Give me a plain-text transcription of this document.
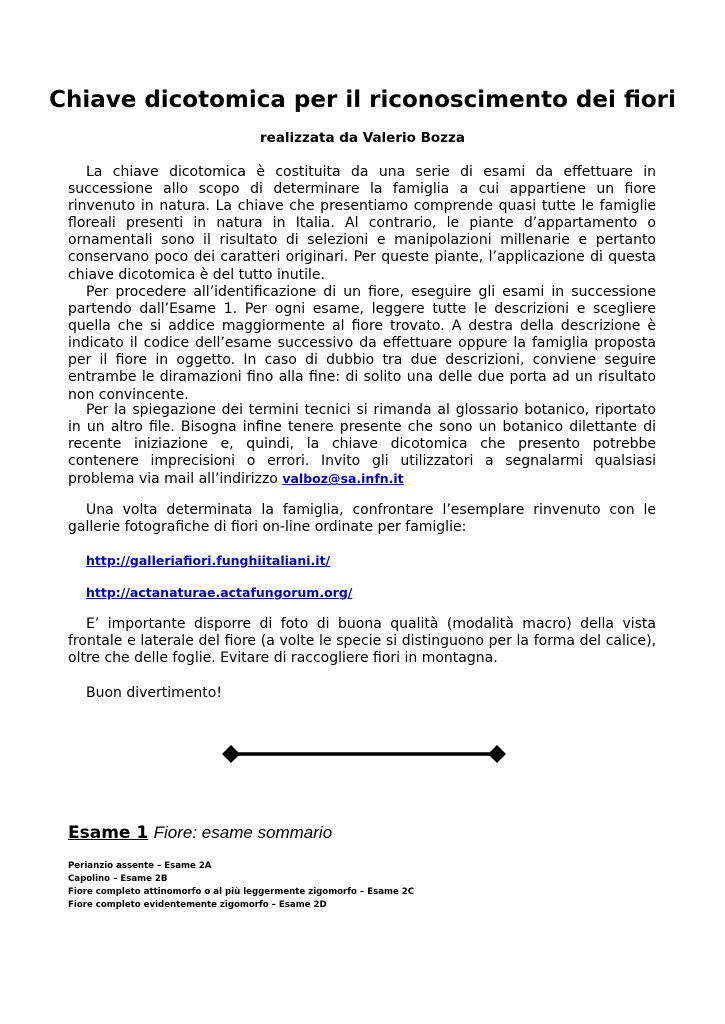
Chiave dicotomica per il riconoscimento dei fiori
realizzata da Valerio Bozza

La chiave dicotomica è costituita da una serie di esami da effettuare in successione allo scopo di determinare la famiglia a cui appartiene un fiore rinvenuto in natura. La chiave che presentiamo comprende quasi tutte le famiglie floreali presenti in natura in Italia. Al contrario, le piante d’appartamento o ornamentali sono il risultato di selezioni e manipolazioni millenarie e pertanto conservano poco dei caratteri originari. Per queste piante, l’applicazione di questa chiave dicotomica è del tutto inutile.

Per procedere all’identificazione di un fiore, eseguire gli esami in successione partendo dall’Esame 1. Per ogni esame, leggere tutte le descrizioni e scegliere quella che si addice maggiormente al fiore trovato. A destra della descrizione è indicato il codice dell’esame successivo da effettuare oppure la famiglia proposta per il fiore in oggetto. In caso di dubbio tra due descrizioni, conviene seguire entrambe le diramazioni fino alla fine: di solito una delle due porta ad un risultato non convincente.

Per la spiegazione dei termini tecnici si rimanda al glossario botanico, riportato in un altro file. Bisogna infine tenere presente che sono un botanico dilettante di recente iniziazione e, quindi, la chiave dicotomica che presento potrebbe contenere imprecisioni o errori. Invito gli utilizzatori a segnalarmi qualsiasi problema via mail all’indirizzo valboz@sa.infn.it

Una volta determinata la famiglia, confrontare l’esemplare rinvenuto con le gallerie fotografiche di fiori on-line ordinate per famiglie:

http://galleriafiori.funghiitaliani.it/
http://actanaturae.actafungorum.org/

E’ importante disporre di foto di buona qualità (modalità macro) della vista frontale e laterale del fiore (a volte le specie si distinguono per la forma del calice), oltre che delle foglie. Evitare di raccogliere fiori in montagna.

Buon divertimento!

Esame 1 Fiore: esame sommario
Perianzio assente – Esame 2A
Capolino – Esame 2B
Fiore completo attinomorfo o al più leggermente zigomorfo – Esame 2C
Fiore completo evidentemente zigomorfo – Esame 2D
